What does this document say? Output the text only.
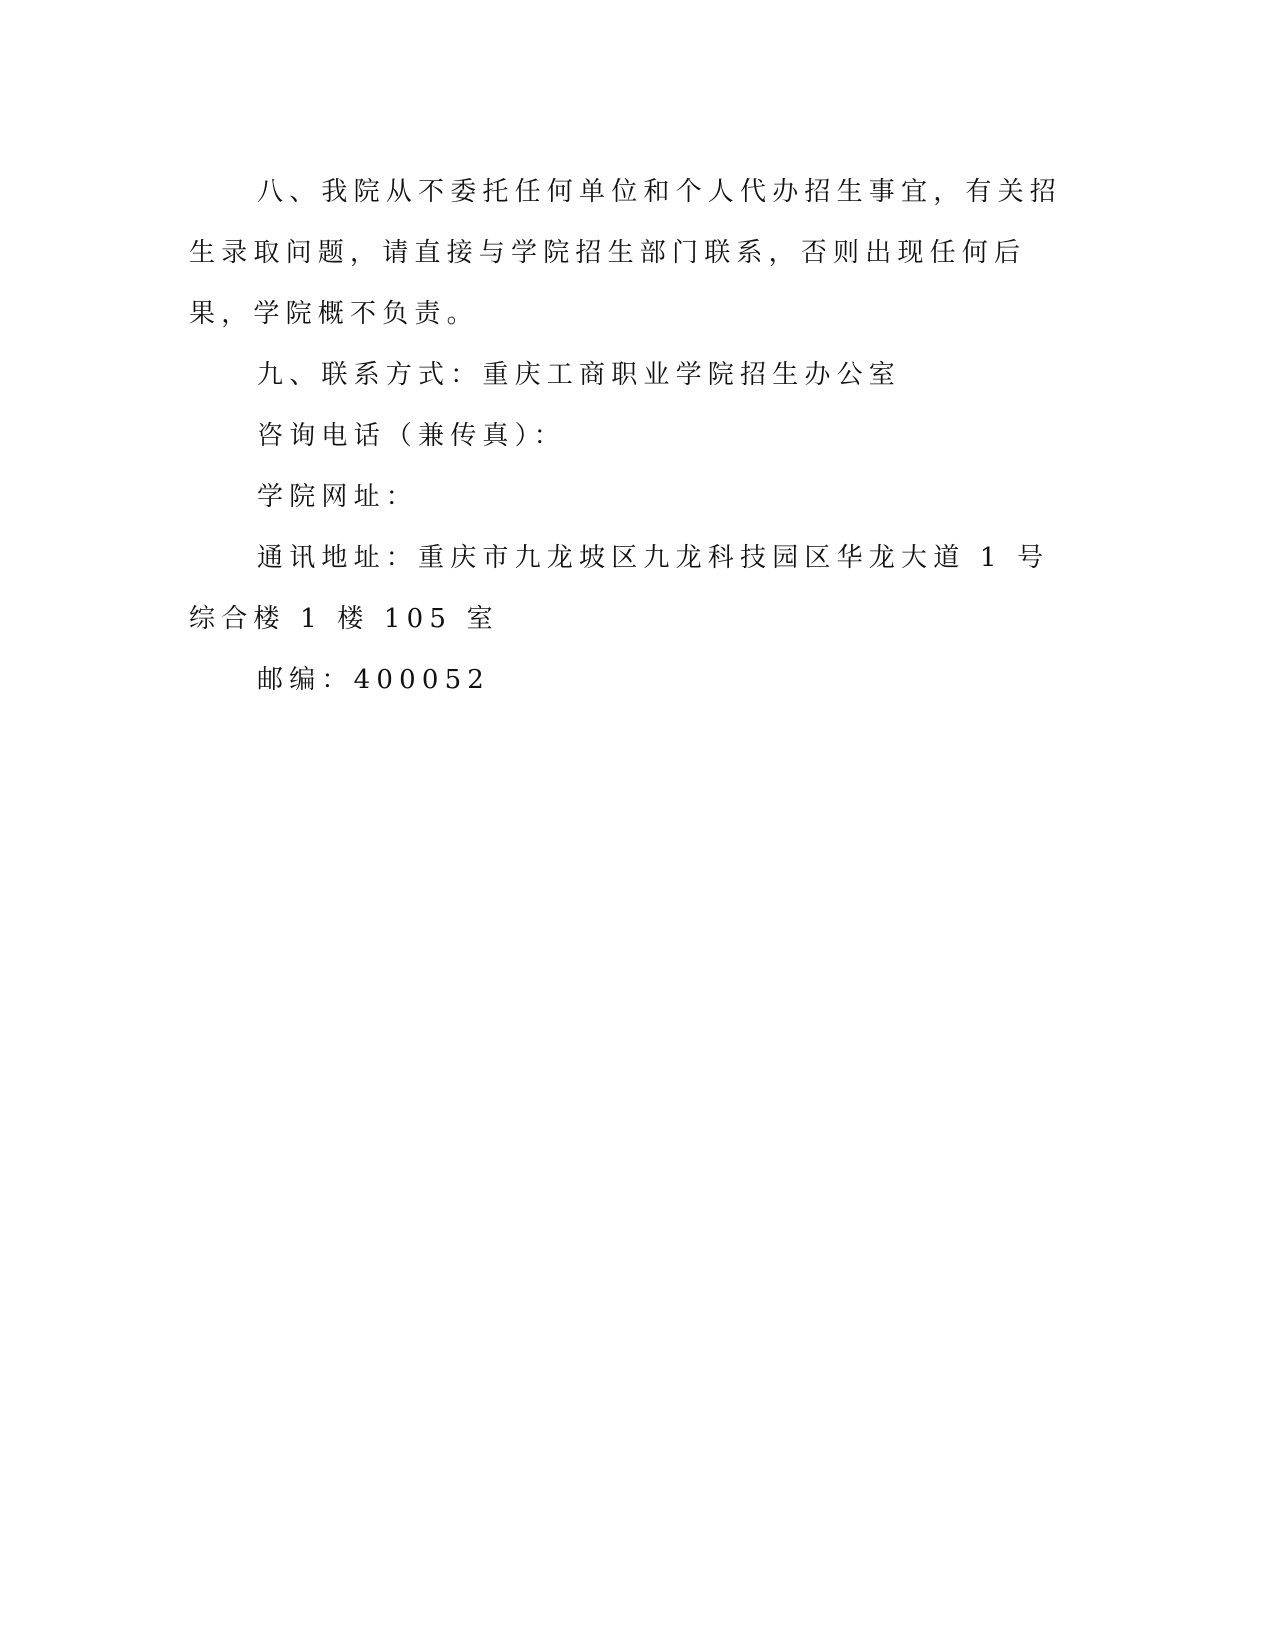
八、我院从不委托任何单位和个人代办招生事宜，有关招生录取问题，请直接与学院招生部门联系，否则出现任何后果，学院概不负责。

九、联系方式：重庆工商职业学院招生办公室

咨询电话（兼传真）：

学院网址：

通讯地址：重庆市九龙坡区九龙科技园区华龙大道 1 号综合楼 1 楼 105 室

邮编：400052
